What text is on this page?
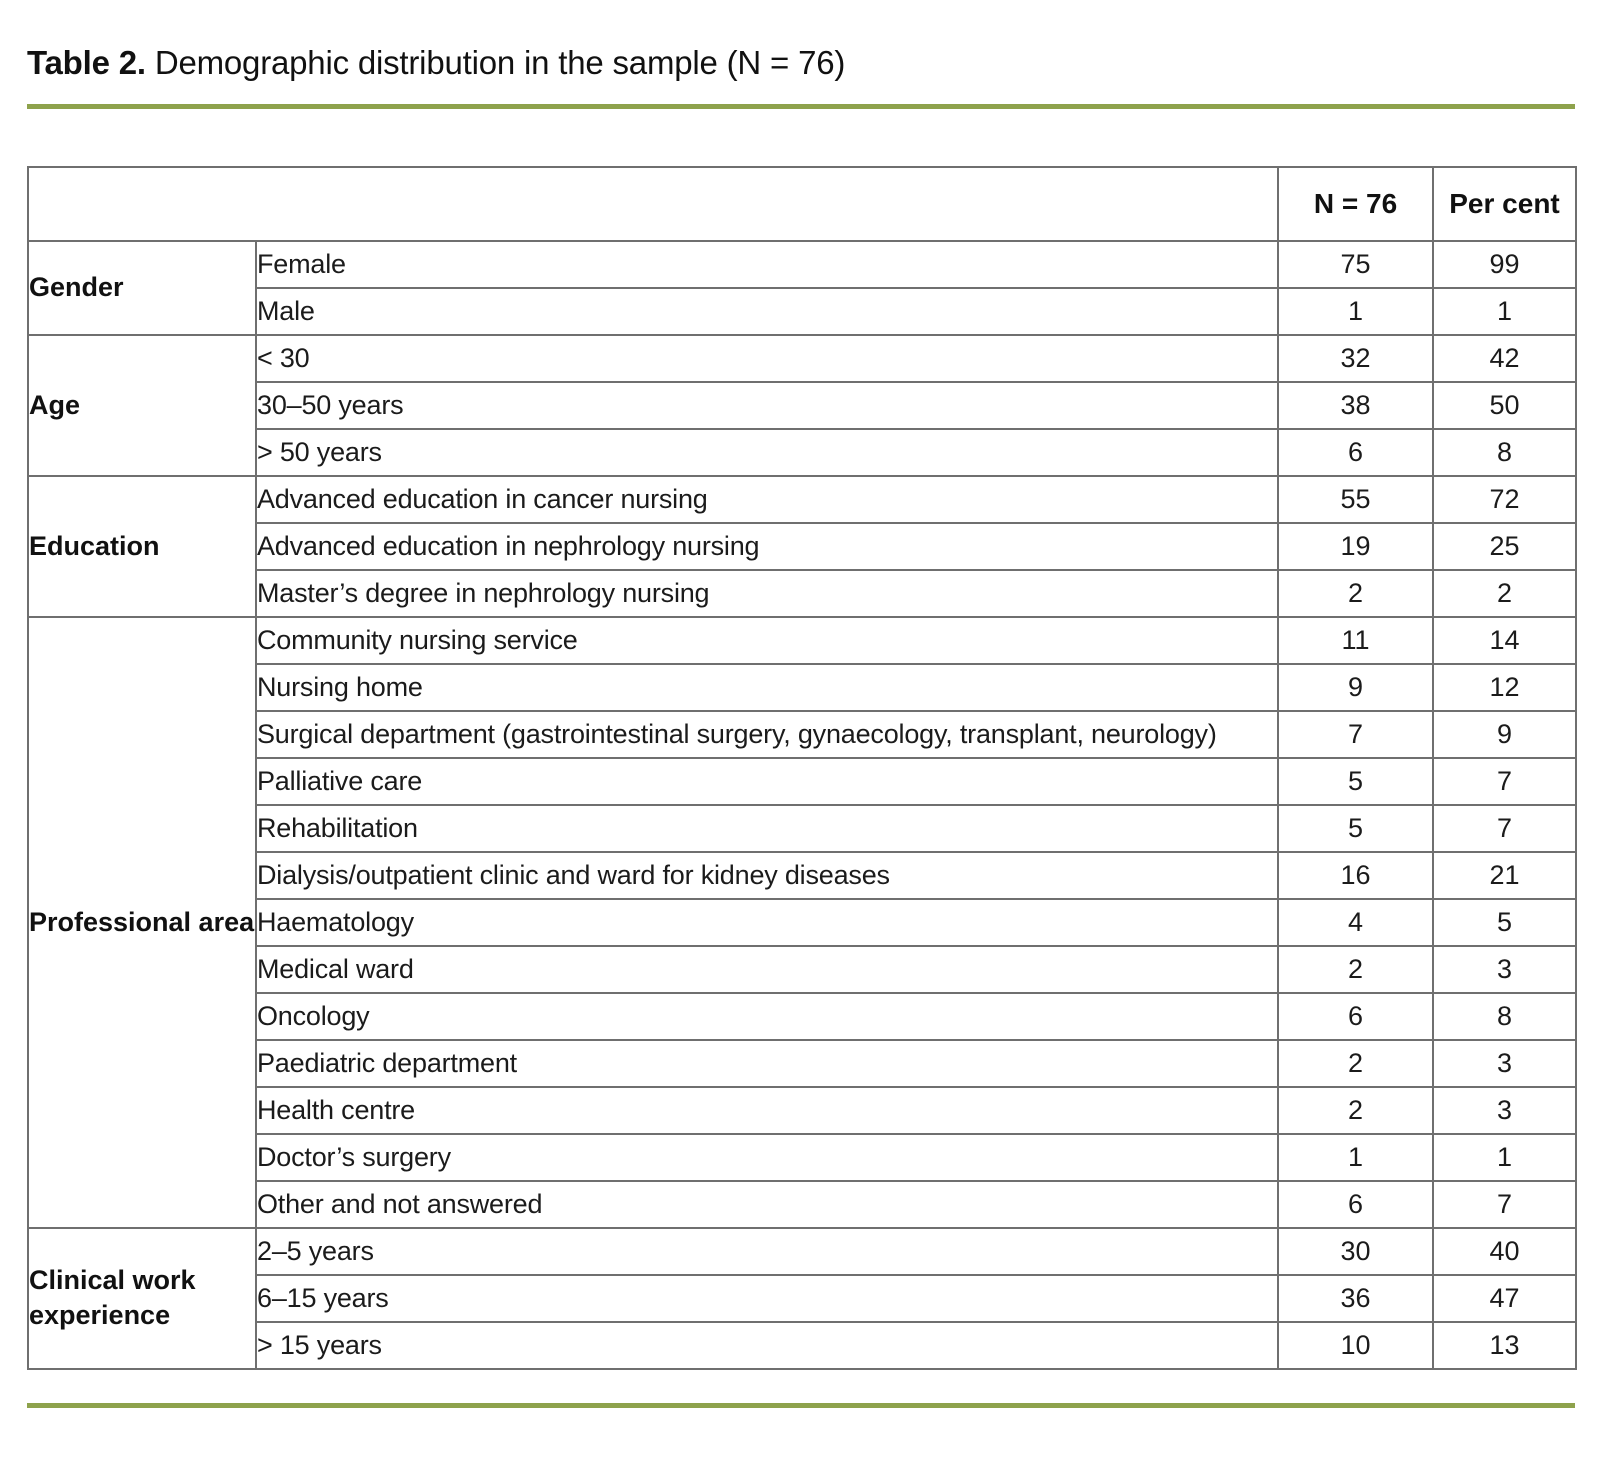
Table 2. Demographic distribution in the sample (N = 76)
		N = 76	Per cent
Gender	Female	75	99
	Male	1	1
Age	< 30	32	42
	30–50 years	38	50
	> 50 years	6	8
Education	Advanced education in cancer nursing	55	72
	Advanced education in nephrology nursing	19	25
	Master’s degree in nephrology nursing	2	2
Professional area	Community nursing service	11	14
	Nursing home	9	12
	Surgical department (gastrointestinal surgery, gynaecology, transplant, neurology)	7	9
	Palliative care	5	7
	Rehabilitation	5	7
	Dialysis/outpatient clinic and ward for kidney diseases	16	21
	Haematology	4	5
	Medical ward	2	3
	Oncology	6	8
	Paediatric department	2	3
	Health centre	2	3
	Doctor’s surgery	1	1
	Other and not answered	6	7
Clinical work experience	2–5 years	30	40
	6–15 years	36	47
	> 15 years	10	13
